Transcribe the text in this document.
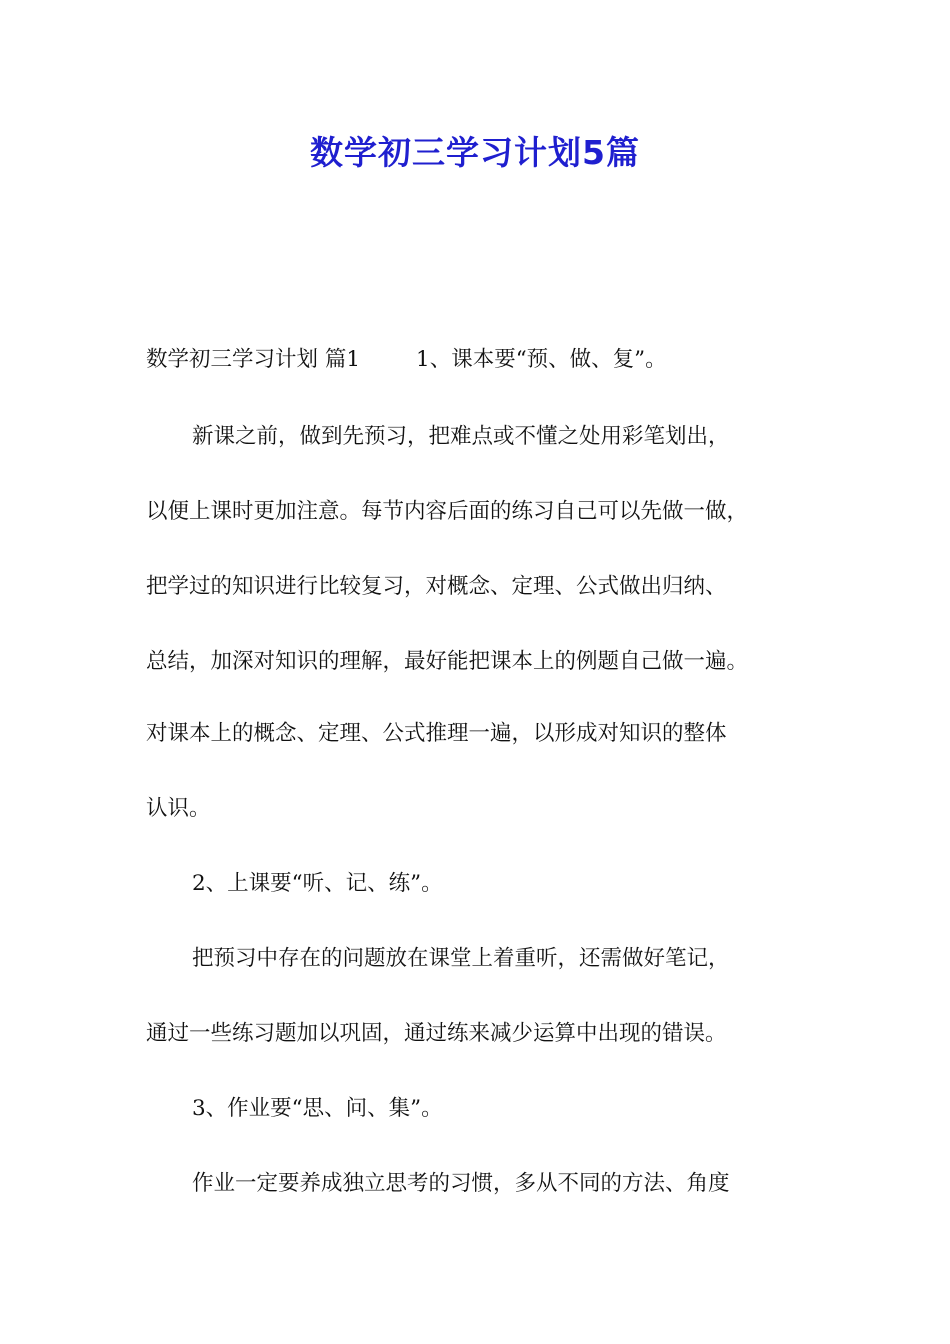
数学初三学习计划5篇

数学初三学习计划 篇1	1、课本要“预、做、复”。

新课之前，做到先预习，把难点或不懂之处用彩笔划出，

以便上课时更加注意。每节内容后面的练习自己可以先做一做，

把学过的知识进行比较复习，对概念、定理、公式做出归纳、

总结，加深对知识的理解，最好能把课本上的例题自己做一遍。

对课本上的概念、定理、公式推理一遍，以形成对知识的整体

认识。

2、上课要“听、记、练”。

把预习中存在的问题放在课堂上着重听，还需做好笔记，

通过一些练习题加以巩固，通过练来减少运算中出现的错误。

3、作业要“思、问、集”。

作业一定要养成独立思考的习惯，多从不同的方法、角度
